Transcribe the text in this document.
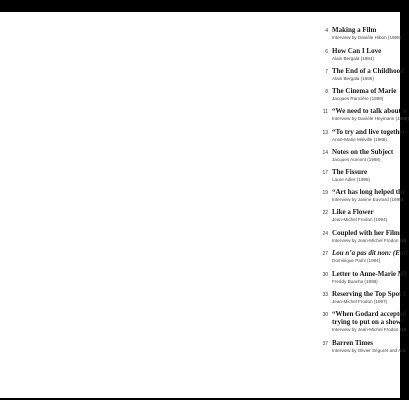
4 Making a Film
Interview by Danièle Hibon (1998)
6 How Can I Love
Alain Bergala (1984)
7 The End of a Childhood
Alain Bergala (1985)
8 The Cinema of Marie
Jacques Rancière (1998)
11 “We need to talk about w
Interview by Danièle Heymann (1985)
13 “To try and live together
Anne-Marie Miéville (1988)
14 Notes on the Subject
Jacques Aumont (1998)
17 The Fissure
Laure Adler (1998)
19 “Art has long helped the
Interview by Janine Euvrard (1995)
22 Like a Flower
Jean-Michel Frodon (1994)
24 Coupled with her Film
Interview by Jean-Michel Frodon (19
27 Lou n’a pas dit non: (Entl
Dominique Païni (1994)
30 Letter to Anne-Marie Mi
Freddy Buache (1998)
33 Reserving the Top Spot f
Jean-Michel Frodon (1997)
30 “When Godard accepted
trying to put on a show”
Interview by Jean-Michel Frodon (19
37 Barren Times
Interview by Olivier Séguret and Anr
